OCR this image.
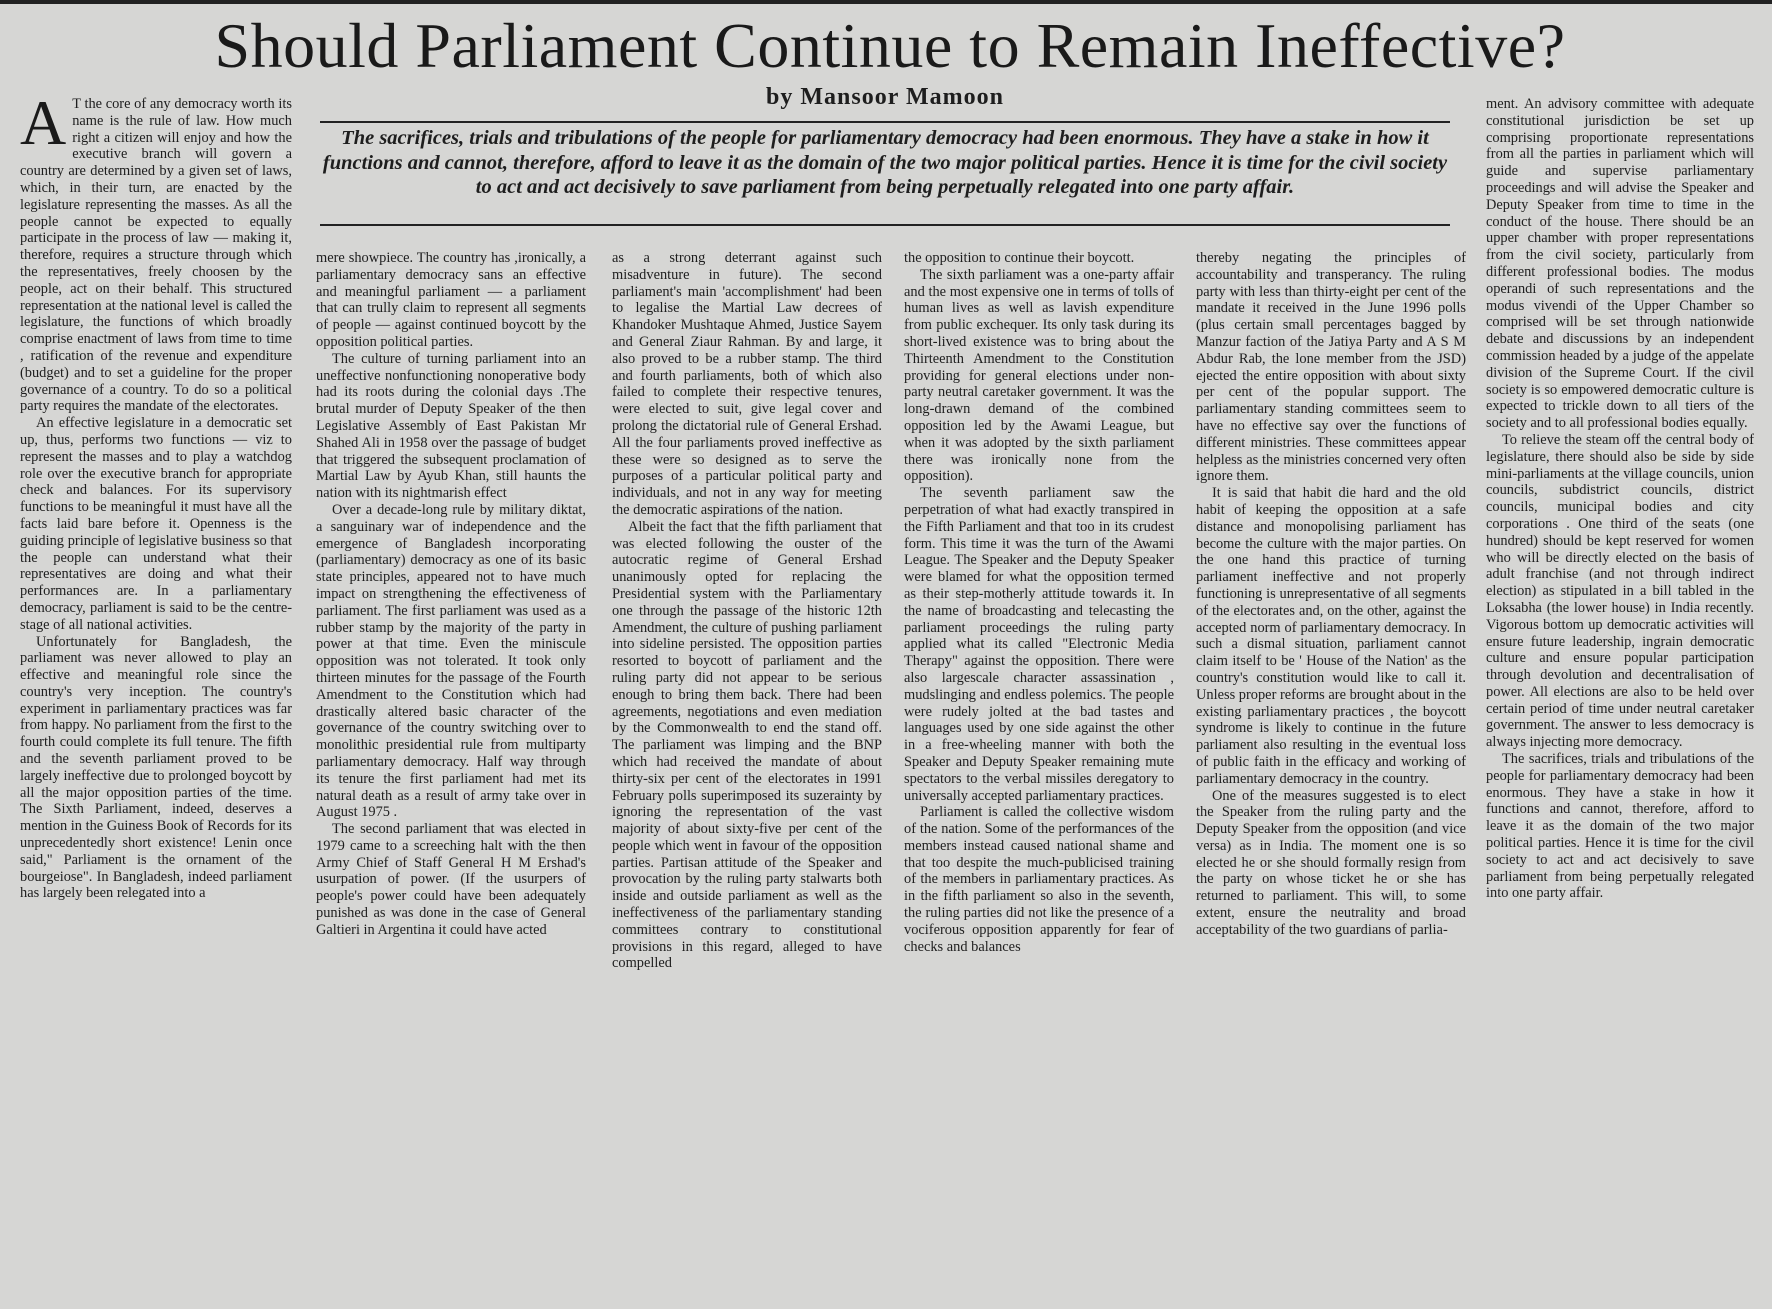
Should Parliament Continue to Remain Ineffective?
by Mansoor Mamoon

The sacrifices, trials and tribulations of the people for parliamentary democracy had been enormous. They have a stake in how it functions and cannot, therefore, afford to leave it as the domain of the two major political parties. Hence it is time for the civil society to act and act decisively to save parliament from being perpetually relegated into one party affair.

A T the core of any democracy worth its name is the rule of law. How much right a citizen will enjoy and how the executive branch will govern a country are determined by a given set of laws, which, in their turn, are enacted by the legislature representing the masses. As all the people cannot be expected to equally participate in the process of law — making it, therefore, requires a structure through which the representatives, freely choosen by the people, act on their behalf. This structured representation at the national level is called the legislature, the functions of which broadly comprise enactment of laws from time to time , ratification of the revenue and expenditure (budget) and to set a guideline for the proper governance of a country. To do so a political party requires the mandate of the electorates.

An effective legislature in a democratic set up, thus, performs two functions — viz to represent the masses and to play a watchdog role over the executive branch for appropriate check and balances. For its supervisory functions to be meaningful it must have all the facts laid bare before it. Openness is the guiding principle of legislative business so that the people can understand what their representatives are doing and what their performances are. In a parliamentary democracy, parliament is said to be the centre-stage of all national activities.

Unfortunately for Bangladesh, the parliament was never allowed to play an effective and meaningful role since the country's very inception. The country's experiment in parliamentary practices was far from happy. No parliament from the first to the fourth could complete its full tenure. The fifth and the seventh parliament proved to be largely ineffective due to prolonged boycott by all the major opposition parties of the time. The Sixth Parliament, indeed, deserves a mention in the Guiness Book of Records for its unprecedentedly short existence! Lenin once said," Parliament is the ornament of the bourgeiose". In Bangladesh, indeed parliament has largely been relegated into a

mere showpiece. The country has ,ironically, a parliamentary democracy sans an effective and meaningful parliament — a parliament that can trully claim to represent all segments of people — against continued boycott by the opposition political parties.

The culture of turning parliament into an uneffective nonfunctioning nonoperative body had its roots during the colonial days .The brutal murder of Deputy Speaker of the then Legislative Assembly of East Pakistan Mr Shahed Ali in 1958 over the passage of budget that triggered the subsequent proclamation of Martial Law by Ayub Khan, still haunts the nation with its nightmarish effect

Over a decade-long rule by military diktat, a sanguinary war of independence and the emergence of Bangladesh incorporating (parliamentary) democracy as one of its basic state principles, appeared not to have much impact on strengthening the effectiveness of parliament. The first parliament was used as a rubber stamp by the majority of the party in power at that time. Even the miniscule opposition was not tolerated. It took only thirteen minutes for the passage of the Fourth Amendment to the Constitution which had drastically altered basic character of the governance of the country switching over to monolithic presidential rule from multiparty parliamentary democracy. Half way through its tenure the first parliament had met its natural death as a result of army take over in August 1975 .

The second parliament that was elected in 1979 came to a screeching halt with the then Army Chief of Staff General H M Ershad's usurpation of power. (If the usurpers of people's power could have been adequately punished as was done in the case of General Galtieri in Argentina it could have acted

as a strong deterrant against such misadventure in future). The second parliament's main 'accomplishment' had been to legalise the Martial Law decrees of Khandoker Mushtaque Ahmed, Justice Sayem and General Ziaur Rahman. By and large, it also proved to be a rubber stamp. The third and fourth parliaments, both of which also failed to complete their respective tenures, were elected to suit, give legal cover and prolong the dictatorial rule of General Ershad. All the four parliaments proved ineffective as these were so designed as to serve the purposes of a particular political party and individuals, and not in any way for meeting the democratic aspirations of the nation.

Albeit the fact that the fifth parliament that was elected following the ouster of the autocratic regime of General Ershad unanimously opted for replacing the Presidential system with the Parliamentary one through the passage of the historic 12th Amendment, the culture of pushing parliament into sideline persisted. The opposition parties resorted to boycott of parliament and the ruling party did not appear to be serious enough to bring them back. There had been agreements, negotiations and even mediation by the Commonwealth to end the stand off. The parliament was limping and the BNP which had received the mandate of about thirty-six per cent of the electorates in 1991 February polls superimposed its suzerainty by ignoring the representation of the vast majority of about sixty-five per cent of the people which went in favour of the opposition parties. Partisan attitude of the Speaker and provocation by the ruling party stalwarts both inside and outside parliament as well as the ineffectiveness of the parliamentary standing committees contrary to constitutional provisions in this regard, alleged to have compelled

the opposition to continue their boycott.

The sixth parliament was a one-party affair and the most expensive one in terms of tolls of human lives as well as lavish expenditure from public exchequer. Its only task during its short-lived existence was to bring about the Thirteenth Amendment to the Constitution providing for general elections under non-party neutral caretaker government. It was the long-drawn demand of the combined opposition led by the Awami League, but when it was adopted by the sixth parliament there was ironically none from the opposition).

The seventh parliament saw the perpetration of what had exactly transpired in the Fifth Parliament and that too in its crudest form. This time it was the turn of the Awami League. The Speaker and the Deputy Speaker were blamed for what the opposition termed as their step-motherly attitude towards it. In the name of broadcasting and telecasting the parliament proceedings the ruling party applied what its called "Electronic Media Therapy" against the opposition. There were also largescale character assassination , mudslinging and endless polemics. The people were rudely jolted at the bad tastes and languages used by one side against the other in a free-wheeling manner with both the Speaker and Deputy Speaker remaining mute spectators to the verbal missiles deregatory to universally accepted parliamentary practices.

Parliament is called the collective wisdom of the nation. Some of the performances of the members instead caused national shame and that too despite the much-publicised training of the members in parliamentary practices. As in the fifth parliament so also in the seventh, the ruling parties did not like the presence of a vociferous opposition apparently for fear of checks and balances

thereby negating the principles of accountability and transperancy. The ruling party with less than thirty-eight per cent of the mandate it received in the June 1996 polls (plus certain small percentages bagged by Manzur faction of the Jatiya Party and A S M Abdur Rab, the lone member from the JSD) ejected the entire opposition with about sixty per cent of the popular support. The parliamentary standing committees seem to have no effective say over the functions of different ministries. These committees appear helpless as the ministries concerned very often ignore them.

It is said that habit die hard and the old habit of keeping the opposition at a safe distance and monopolising parliament has become the culture with the major parties. On the one hand this practice of turning parliament ineffective and not properly functioning is unrepresentative of all segments of the electorates and, on the other, against the accepted norm of parliamentary democracy. In such a dismal situation, parliament cannot claim itself to be ' House of the Nation' as the country's constitution would like to call it. Unless proper reforms are brought about in the existing parliamentary practices , the boycott syndrome is likely to continue in the future parliament also resulting in the eventual loss of public faith in the efficacy and working of parliamentary democracy in the country.

One of the measures suggested is to elect the Speaker from the ruling party and the Deputy Speaker from the opposition (and vice versa) as in India. The moment one is so elected he or she should formally resign from the party on whose ticket he or she has returned to parliament. This will, to some extent, ensure the neutrality and broad acceptability of the two guardians of parlia-

ment. An advisory committee with adequate constitutional jurisdiction be set up comprising proportionate representations from all the parties in parliament which will guide and supervise parliamentary proceedings and will advise the Speaker and Deputy Speaker from time to time in the conduct of the house. There should be an upper chamber with proper representations from the civil society, particularly from different professional bodies. The modus operandi of such representations and the modus vivendi of the Upper Chamber so comprised will be set through nationwide debate and discussions by an independent commission headed by a judge of the appelate division of the Supreme Court. If the civil society is so empowered democratic culture is expected to trickle down to all tiers of the society and to all professional bodies equally.

To relieve the steam off the central body of legislature, there should also be side by side mini-parliaments at the village councils, union councils, subdistrict councils, district councils, municipal bodies and city corporations . One third of the seats (one hundred) should be kept reserved for women who will be directly elected on the basis of adult franchise (and not through indirect election) as stipulated in a bill tabled in the Loksabha (the lower house) in India recently. Vigorous bottom up democratic activities will ensure future leadership, ingrain democratic culture and ensure popular participation through devolution and decentralisation of power. All elections are also to be held over certain period of time under neutral caretaker government. The answer to less democracy is always injecting more democracy.

The sacrifices, trials and tribulations of the people for parliamentary democracy had been enormous. They have a stake in how it functions and cannot, therefore, afford to leave it as the domain of the two major political parties. Hence it is time for the civil society to act and act decisively to save parliament from being perpetually relegated into one party affair.
